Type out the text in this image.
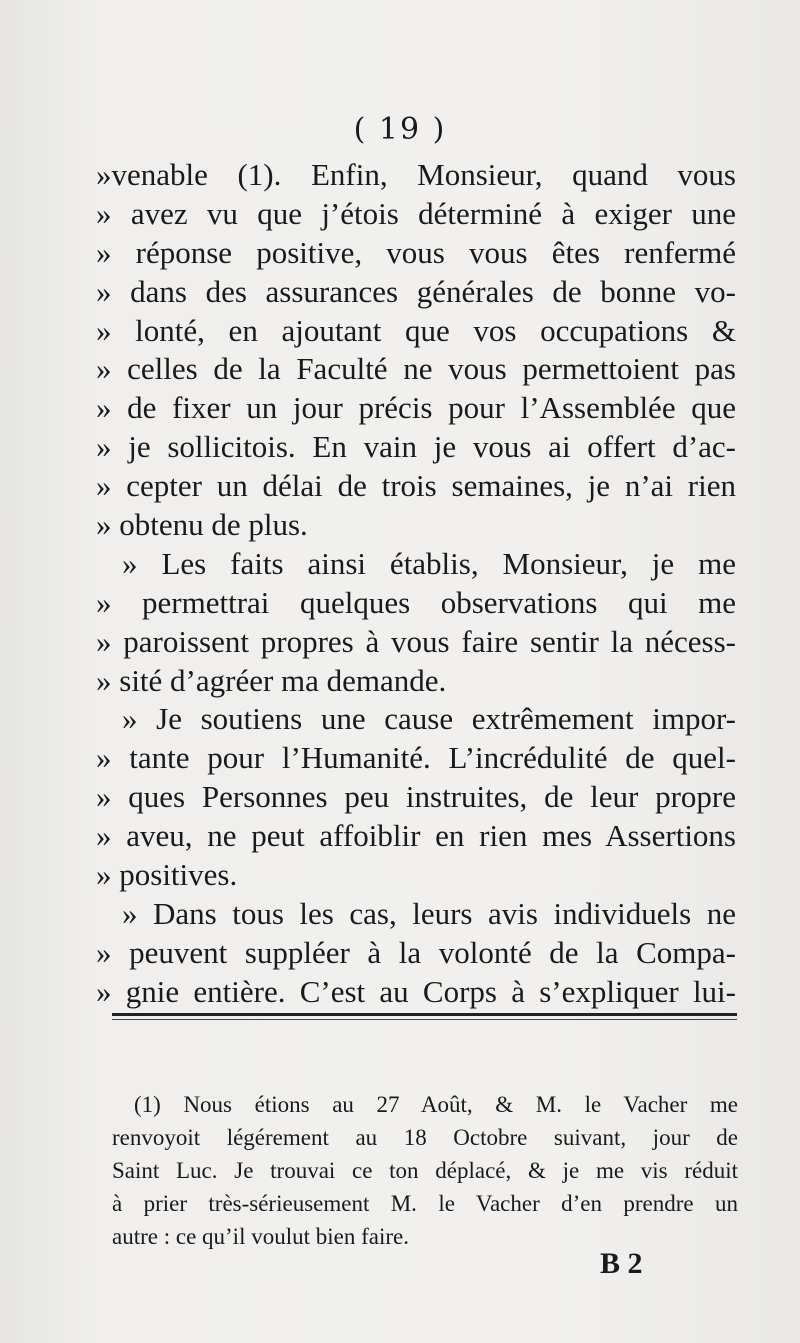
( 19 )
»venable (1). Enfin, Monsieur, quand vous
» avez vu que j’étois déterminé à exiger une
» réponse positive, vous vous êtes renfermé
» dans des assurances générales de bonne vo-
» lonté, en ajoutant que vos occupations &
» celles de la Faculté ne vous permettoient pas
» de fixer un jour précis pour l’Assemblée que
» je sollicitois. En vain je vous ai offert d’ac-
» cepter un délai de trois semaines, je n’ai rien
» obtenu de plus.
» Les faits ainsi établis, Monsieur, je me
» permettrai quelques observations qui me
» paroissent propres à vous faire sentir la nécess-
» sité d’agréer ma demande.
» Je soutiens une cause extrêmement impor-
» tante pour l’Humanité. L’incrédulité de quel-
» ques Personnes peu instruites, de leur propre
» aveu, ne peut affoiblir en rien mes Assertions
» positives.
» Dans tous les cas, leurs avis individuels ne
» peuvent suppléer à la volonté de la Compa-
» gnie entière. C’est au Corps à s’expliquer lui-
(1) Nous étions au 27 Août, & M. le Vacher me
renvoyoit légérement au 18 Octobre suivant, jour de
Saint Luc. Je trouvai ce ton déplacé, & je me vis réduit
à prier très-sérieusement M. le Vacher d’en prendre un
autre : ce qu’il voulut bien faire.
B 2
